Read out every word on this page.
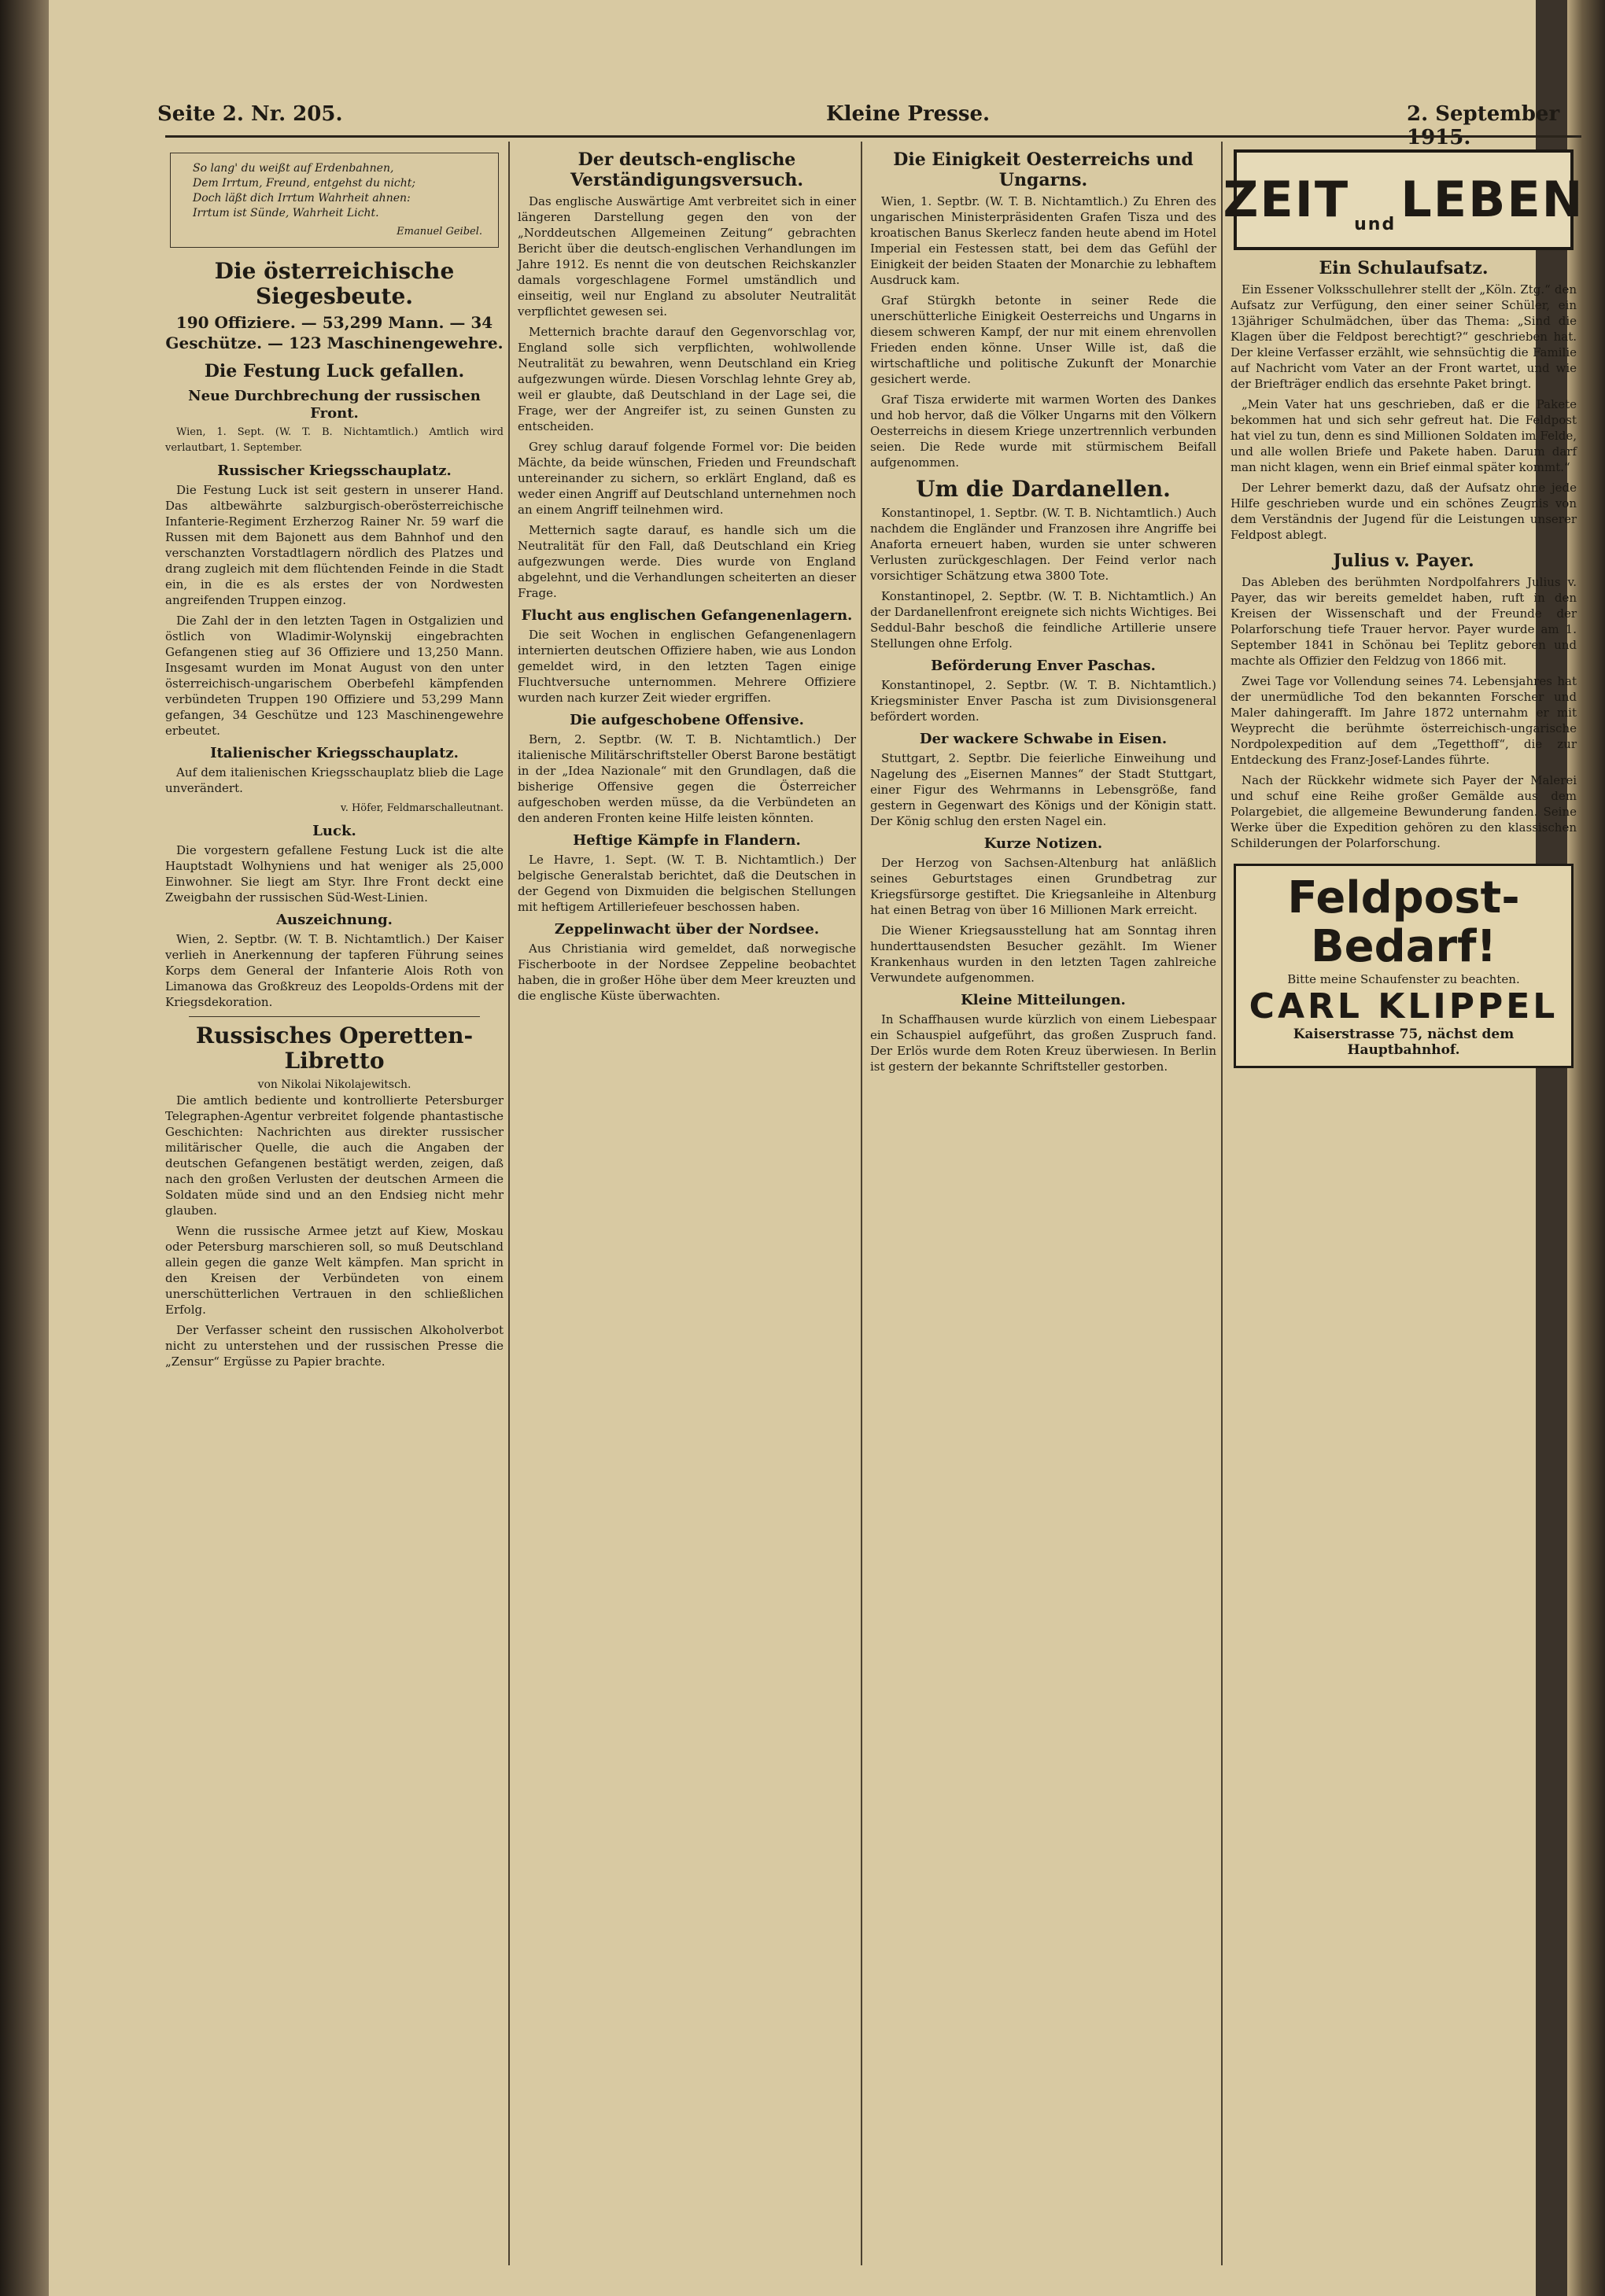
Seite 2. Nr. 205.	Kleine Presse.	2. September 1915.
So lang' du weißt auf Erdenbahnen,
Dem Irrtum, Freund, entgehst du nicht;
Doch läßt dich Irrtum Wahrheit ahnen:
Irrtum ist Sünde, Wahrheit Licht.
Emanuel Geibel.
Die österreichische Siegesbeute.
190 Offiziere. — 53,299 Mann. — 34 Geschütze. — 123 Maschinengewehre.
Die Festung Luck gefallen.
Neue Durchbrechung der russischen Front.

Wien, 1. Sept. (W. T. B. Nichtamtlich.) Amtlich wird verlautbart, 1. September.

Russischer Kriegsschauplatz.

Die Festung Luck ist seit gestern in unserer Hand. Das altbewährte salzburgisch-oberösterreichische Infanterie-Regiment Erzherzog Rainer Nr. 59 warf die Russen mit dem Bajonett aus dem Bahnhof und den verschanzten Vorstadtlagern nördlich des Platzes und drang zugleich mit dem flüchtenden Feinde in die Stadt ein, in die es als erstes der von Nordwesten angreifenden Truppen einzog.

Die Zahl der in den letzten Tagen in Ostgalizien und östlich von Wladimir-Wolynskij eingebrachten Gefangenen stieg auf 36 Offiziere und 13,250 Mann. Insgesamt wurden im Monat August von den unter österreichisch-ungarischem Oberbefehl kämpfenden verbündeten Truppen 190 Offiziere und 53,299 Mann gefangen, 34 Geschütze und 123 Maschinengewehre erbeutet.

Italienischer Kriegsschauplatz.

Auf dem italienischen Kriegsschauplatz blieb die Lage unverändert.

v. Höfer, Feldmarschalleutnant.

Luck.

Die vorgestern gefallene Festung Luck ist die alte Hauptstadt Wolhyniens und hat weniger als 25,000 Einwohner. Sie liegt am Styr. Ihre Front deckt eine Zweigbahn der russischen Süd-West-Linien.

Auszeichnung.

Wien, 2. Septbr. (W. T. B. Nichtamtlich.) Der Kaiser verlieh in Anerkennung der tapferen Führung seines Korps dem General der Infanterie Alois Roth von Limanowa das Großkreuz des Leopolds-Ordens mit der Kriegsdekoration.

Russisches Operetten-Libretto
von Nikolai Nikolajewitsch.

Die amtlich bediente und kontrollierte Petersburger Telegraphen-Agentur verbreitet folgende phantastische Geschichten: Nachrichten aus direkter russischer militärischer Quelle, die auch die Angaben der deutschen Gefangenen bestätigt werden, zeigen, daß nach den großen Verlusten der deutschen Armeen die Soldaten müde sind und an den Endsieg nicht mehr glauben.

Wenn die russische Armee jetzt auf Kiew, Moskau oder Petersburg marschieren soll, so muß Deutschland allein gegen die ganze Welt kämpfen. Man spricht in den Kreisen der Verbündeten von einem unerschütterlichen Vertrauen in den schließlichen Erfolg.

Der Verfasser scheint den russischen Alkoholverbot nicht zu unterstehen und der russischen Presse die „Zensur“ Ergüsse zu Papier brachte.

Der deutsch-englische Verständigungsversuch.

Das englische Auswärtige Amt verbreitet sich in einer längeren Darstellung gegen den von der „Norddeutschen Allgemeinen Zeitung“ gebrachten Bericht über die deutsch-englischen Verhandlungen im Jahre 1912. Es nennt die von deutschen Reichskanzler damals vorgeschlagene Formel umständlich und einseitig, weil nur England zu absoluter Neutralität verpflichtet gewesen sei.

Metternich brachte darauf den Gegenvorschlag vor, England solle sich verpflichten, wohlwollende Neutralität zu bewahren, wenn Deutschland ein Krieg aufgezwungen würde. Diesen Vorschlag lehnte Grey ab, weil er glaubte, daß Deutschland in der Lage sei, die Frage, wer der Angreifer ist, zu seinen Gunsten zu entscheiden.

Grey schlug darauf folgende Formel vor: Die beiden Mächte, da beide wünschen, Frieden und Freundschaft untereinander zu sichern, so erklärt England, daß es weder einen Angriff auf Deutschland unternehmen noch an einem Angriff teilnehmen wird.

Metternich sagte darauf, es handle sich um die Neutralität für den Fall, daß Deutschland ein Krieg aufgezwungen werde. Dies wurde von England abgelehnt, und die Verhandlungen scheiterten an dieser Frage.

Flucht aus englischen Gefangenenlagern.

Die seit Wochen in englischen Gefangenenlagern internierten deutschen Offiziere haben, wie aus London gemeldet wird, in den letzten Tagen einige Fluchtversuche unternommen. Mehrere Offiziere wurden nach kurzer Zeit wieder ergriffen.

Die aufgeschobene Offensive.

Bern, 2. Septbr. (W. T. B. Nichtamtlich.) Der italienische Militärschriftsteller Oberst Barone bestätigt in der „Idea Nazionale“ mit den Grundlagen, daß die bisherige Offensive gegen die Österreicher aufgeschoben werden müsse, da die Verbündeten an den anderen Fronten keine Hilfe leisten könnten.

Heftige Kämpfe in Flandern.

Le Havre, 1. Sept. (W. T. B. Nichtamtlich.) Der belgische Generalstab berichtet, daß die Deutschen in der Gegend von Dixmuiden die belgischen Stellungen mit heftigem Artilleriefeuer beschossen haben.

Zeppelinwacht über der Nordsee.

Aus Christiania wird gemeldet, daß norwegische Fischerboote in der Nordsee Zeppeline beobachtet haben, die in großer Höhe über dem Meer kreuzten und die englische Küste überwachten.

Die Einigkeit Oesterreichs und Ungarns.

Wien, 1. Septbr. (W. T. B. Nichtamtlich.) Zu Ehren des ungarischen Ministerpräsidenten Grafen Tisza und des kroatischen Banus Skerlecz fanden heute abend im Hotel Imperial ein Festessen statt, bei dem das Gefühl der Einigkeit der beiden Staaten der Monarchie zu lebhaftem Ausdruck kam.

Graf Stürgkh betonte in seiner Rede die unerschütterliche Einigkeit Oesterreichs und Ungarns in diesem schweren Kampf, der nur mit einem ehrenvollen Frieden enden könne. Unser Wille ist, daß die wirtschaftliche und politische Zukunft der Monarchie gesichert werde.

Graf Tisza erwiderte mit warmen Worten des Dankes und hob hervor, daß die Völker Ungarns mit den Völkern Oesterreichs in diesem Kriege unzertrennlich verbunden seien. Die Rede wurde mit stürmischem Beifall aufgenommen.

Um die Dardanellen.

Konstantinopel, 1. Septbr. (W. T. B. Nichtamtlich.) Auch nachdem die Engländer und Franzosen ihre Angriffe bei Anaforta erneuert haben, wurden sie unter schweren Verlusten zurückgeschlagen. Der Feind verlor nach vorsichtiger Schätzung etwa 3800 Tote.

Konstantinopel, 2. Septbr. (W. T. B. Nichtamtlich.) An der Dardanellenfront ereignete sich nichts Wichtiges. Bei Seddul-Bahr beschoß die feindliche Artillerie unsere Stellungen ohne Erfolg.

Beförderung Enver Paschas.

Konstantinopel, 2. Septbr. (W. T. B. Nichtamtlich.) Kriegsminister Enver Pascha ist zum Divisionsgeneral befördert worden.

Der wackere Schwabe in Eisen.

Stuttgart, 2. Septbr. Die feierliche Einweihung und Nagelung des „Eisernen Mannes“ der Stadt Stuttgart, einer Figur des Wehrmanns in Lebensgröße, fand gestern in Gegenwart des Königs und der Königin statt. Der König schlug den ersten Nagel ein.

Kurze Notizen.

Der Herzog von Sachsen-Altenburg hat anläßlich seines Geburtstages einen Grundbetrag zur Kriegsfürsorge gestiftet. Die Kriegsanleihe in Altenburg hat einen Betrag von über 16 Millionen Mark erreicht.

Die Wiener Kriegsausstellung hat am Sonntag ihren hunderttausendsten Besucher gezählt. Im Wiener Krankenhaus wurden in den letzten Tagen zahlreiche Verwundete aufgenommen.

Kleine Mitteilungen.

In Schaffhausen wurde kürzlich von einem Liebespaar ein Schauspiel aufgeführt, das großen Zuspruch fand. Der Erlös wurde dem Roten Kreuz überwiesen. In Berlin ist gestern der bekannte Schriftsteller gestorben.

ZEIT und LEBEN
Ein Schulaufsatz.

Ein Essener Volksschullehrer stellt der „Köln. Ztg.“ den Aufsatz zur Verfügung, den einer seiner Schüler, ein 13jähriger Schulmädchen, über das Thema: „Sind die Klagen über die Feldpost berechtigt?“ geschrieben hat. Der kleine Verfasser erzählt, wie sehnsüchtig die Familie auf Nachricht vom Vater an der Front wartet, und wie der Briefträger endlich das ersehnte Paket bringt.

„Mein Vater hat uns geschrieben, daß er die Pakete bekommen hat und sich sehr gefreut hat. Die Feldpost hat viel zu tun, denn es sind Millionen Soldaten im Felde, und alle wollen Briefe und Pakete haben. Darum darf man nicht klagen, wenn ein Brief einmal später kommt.“

Der Lehrer bemerkt dazu, daß der Aufsatz ohne jede Hilfe geschrieben wurde und ein schönes Zeugnis von dem Verständnis der Jugend für die Leistungen unserer Feldpost ablegt.

Julius v. Payer.

Das Ableben des berühmten Nordpolfahrers Julius v. Payer, das wir bereits gemeldet haben, ruft in den Kreisen der Wissenschaft und der Freunde der Polarforschung tiefe Trauer hervor. Payer wurde am 1. September 1841 in Schönau bei Teplitz geboren und machte als Offizier den Feldzug von 1866 mit.

Zwei Tage vor Vollendung seines 74. Lebensjahres hat der unermüdliche Tod den bekannten Forscher und Maler dahingerafft. Im Jahre 1872 unternahm er mit Weyprecht die berühmte österreichisch-ungarische Nordpolexpedition auf dem „Tegetthoff“, die zur Entdeckung des Franz-Josef-Landes führte.

Nach der Rückkehr widmete sich Payer der Malerei und schuf eine Reihe großer Gemälde aus dem Polargebiet, die allgemeine Bewunderung fanden. Seine Werke über die Expedition gehören zu den klassischen Schilderungen der Polarforschung.

Feldpost-Bedarf!
Bitte meine Schaufenster zu beachten.
CARL KLIPPEL
Kaiserstrasse 75, nächst dem Hauptbahnhof.
